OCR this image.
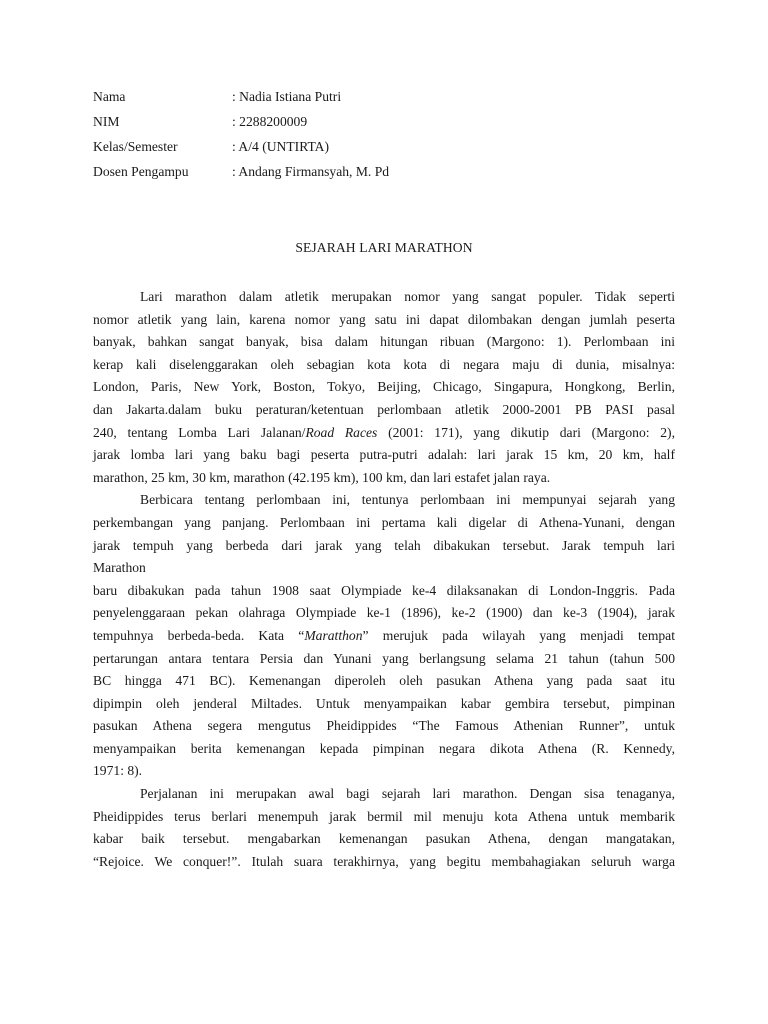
Nama	: Nadia Istiana Putri
NIM	: 2288200009
Kelas/Semester	: A/4 (UNTIRTA)
Dosen Pengampu	: Andang Firmansyah, M. Pd
SEJARAH LARI MARATHON
Lari marathon dalam atletik merupakan nomor yang sangat populer. Tidak seperti
nomor atletik yang lain, karena nomor yang satu ini dapat dilombakan dengan jumlah peserta
banyak, bahkan sangat banyak, bisa dalam hitungan ribuan (Margono: 1). Perlombaan ini
kerap kali diselenggarakan oleh sebagian kota kota di negara maju di dunia, misalnya:
London, Paris, New York, Boston, Tokyo, Beijing, Chicago, Singapura, Hongkong, Berlin,
dan Jakarta.dalam buku peraturan/ketentuan perlombaan atletik 2000-2001 PB PASI pasal
240, tentang Lomba Lari Jalanan/Road Races (2001: 171), yang dikutip dari (Margono: 2),
jarak lomba lari yang baku bagi peserta putra-putri adalah: lari jarak 15 km, 20 km, half
marathon, 25 km, 30 km, marathon (42.195 km), 100 km, dan lari estafet jalan raya.
Berbicara tentang perlombaan ini, tentunya perlombaan ini mempunyai sejarah yang
perkembangan yang panjang. Perlombaan ini pertama kali digelar di Athena-Yunani, dengan
jarak tempuh yang berbeda dari jarak yang telah dibakukan tersebut. Jarak tempuh lari
Marathon
baru dibakukan pada tahun 1908 saat Olympiade ke-4 dilaksanakan di London-Inggris. Pada
penyelenggaraan pekan olahraga Olympiade ke-1 (1896), ke-2 (1900) dan ke-3 (1904), jarak
tempuhnya berbeda-beda. Kata “Maratthon” merujuk pada wilayah yang menjadi tempat
pertarungan antara tentara Persia dan Yunani yang berlangsung selama 21 tahun (tahun 500
BC hingga 471 BC). Kemenangan diperoleh oleh pasukan Athena yang pada saat itu
dipimpin oleh jenderal Miltades. Untuk menyampaikan kabar gembira tersebut, pimpinan
pasukan Athena segera mengutus Pheidippides “The Famous Athenian Runner”, untuk
menyampaikan berita kemenangan kepada pimpinan negara dikota Athena (R. Kennedy,
1971: 8).
Perjalanan ini merupakan awal bagi sejarah lari marathon. Dengan sisa tenaganya,
Pheidippides terus berlari menempuh jarak bermil mil menuju kota Athena untuk membarik
kabar baik tersebut. mengabarkan kemenangan pasukan Athena, dengan mangatakan,
“Rejoice. We conquer!”. Itulah suara terakhirnya, yang begitu membahagiakan seluruh warga
